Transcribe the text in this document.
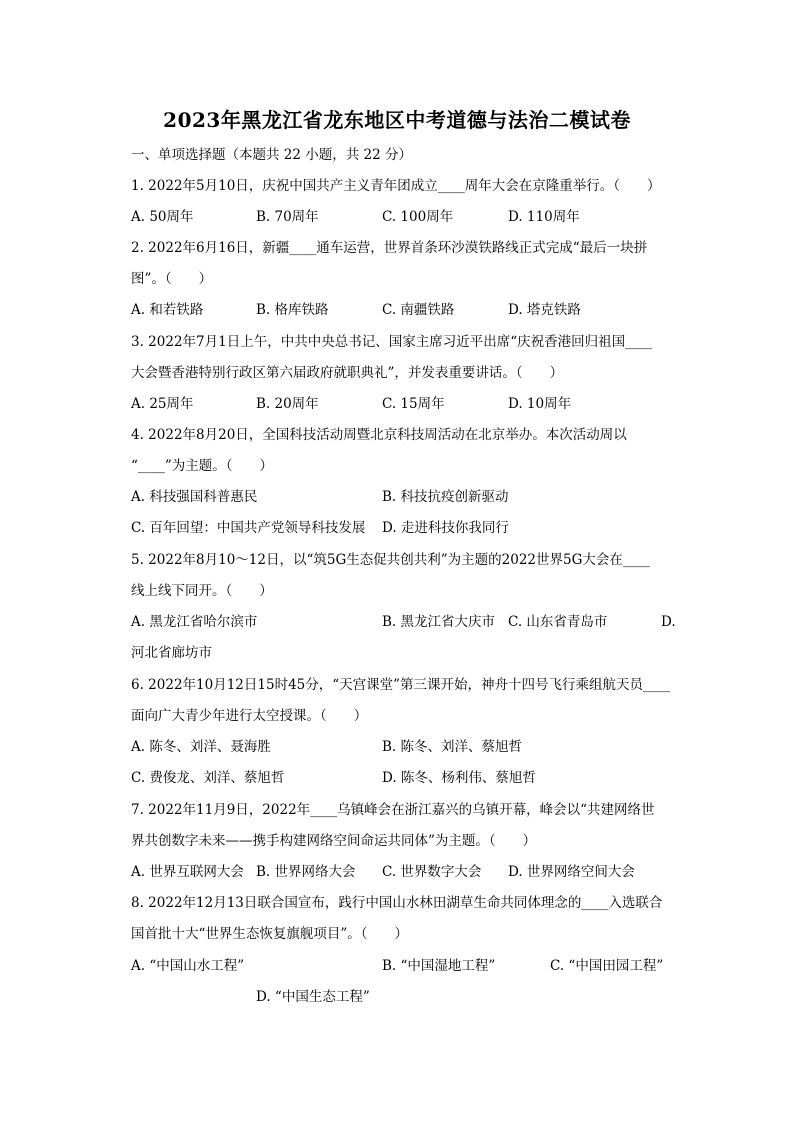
2023年黑龙江省龙东地区中考道德与法治二模试卷
一、单项选择题（本题共 22 小题，共 22 分）
1. 2022年5月10日，庆祝中国共产主义青年团成立____周年大会在京隆重举行。（　　）
A. 50周年	B. 70周年	C. 100周年	D. 110周年
2. 2022年6月16日，新疆____通车运营，世界首条环沙漠铁路线正式完成“最后一块拼
图”。（　　）
A. 和若铁路	B. 格库铁路	C. 南疆铁路	D. 塔克铁路
3. 2022年7月1日上午，中共中央总书记、国家主席习近平出席“庆祝香港回归祖国____
大会暨香港特别行政区第六届政府就职典礼”，并发表重要讲话。（　　）
A. 25周年	B. 20周年	C. 15周年	D. 10周年
4. 2022年8月20日，全国科技活动周暨北京科技周活动在北京举办。本次活动周以
“____”为主题。（　　）
A. 科技强国科普惠民	B. 科技抗疫创新驱动
C. 百年回望：中国共产党领导科技发展 D. 走进科技你我同行
5. 2022年8月10～12日，以“筑5G生态促共创共利”为主题的2022世界5G大会在____
线上线下同开。（　　）
A. 黑龙江省哈尔滨市	B. 黑龙江省大庆市 C. 山东省青岛市	D.
河北省廊坊市
6. 2022年10月12日15时45分，“天宫课堂”第三课开始，神舟十四号飞行乘组航天员____
面向广大青少年进行太空授课。（　　）
A. 陈冬、刘洋、聂海胜	B. 陈冬、刘洋、蔡旭哲
C. 费俊龙、刘洋、蔡旭哲	D. 陈冬、杨利伟、蔡旭哲
7. 2022年11月9日，2022年____乌镇峰会在浙江嘉兴的乌镇开幕，峰会以“共建网络世
界共创数字未来——携手构建网络空间命运共同体”为主题。（　　）
A. 世界互联网大会 B. 世界网络大会 C. 世界数字大会 D. 世界网络空间大会
8. 2022年12月13日联合国宣布，践行中国山水林田湖草生命共同体理念的____入选联合
国首批十大“世界生态恢复旗舰项目”。（　　）
A. “中国山水工程”	B. “中国湿地工程”	C. “中国田园工程”
D. “中国生态工程”
